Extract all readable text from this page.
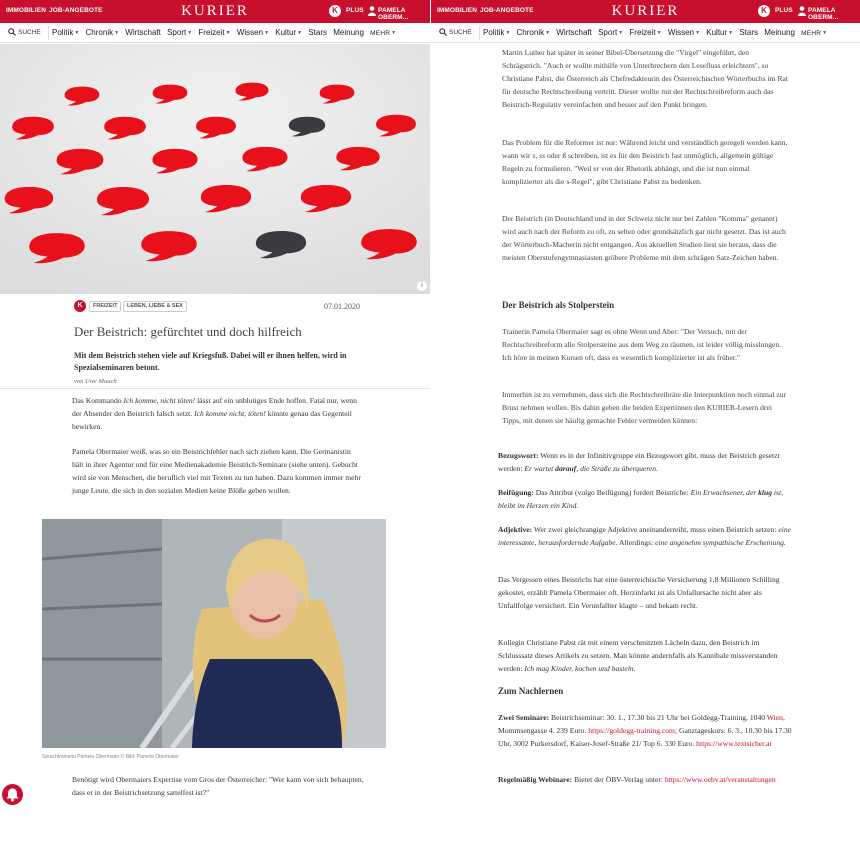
IMMOBILIEN JOB-ANGEBOTE	KURIER	K	PLUS PAMELA OBERM...
SUCHE Politik▼ Chronik▼ Wirtschaft Sport▼ Freizeit▼ Wissen▼ Kultur▼ Stars Meinung MEHR▼
i
K	FREIZEIT	LEBEN, LIEBE & SEX	07.01.2020
Der Beistrich: gefürchtet und doch hilfreich
Mit dem Beistrich stehen viele auf Kriegsfuß. Dabei will er ihnen helfen, wird in Spezialseminaren betont.
von Uwe Mauch
Das Kommando Ich komme, nicht töten! lässt auf ein unblutiges Ende hoffen. Fatal nur, wenn der Absender den Beistrich falsch setzt. Ich komme nicht, töten! könnte genau das Gegenteil bewirken.
Pamela Obermaier weiß, was so ein Beistrichfehler nach sich ziehen kann. Die Germanistin hält in ihrer Agentur und für eine Medienakademie Beistrich-Seminare (siehe unten). Gebucht wird sie von Menschen, die beruflich viel mit Texten zu tun haben. Dazu kommen immer mehr junge Leute, die sich in den sozialen Medien keine Blöße geben wollen.
Sprachtrainerin Pamela Obermaier © Bild: Pamela Obermaier
Benötigt wird Obermaiers Expertise vom Gros der Österreicher: "Wer kann von sich behaupten, dass er in der Beistrichsetzung sattelfest ist?"
IMMOBILIEN JOB-ANGEBOTE	KURIER	K	PLUS PAMELA OBERM...
SUCHE Politik▼ Chronik▼ Wirtschaft Sport▼ Freizeit▼ Wissen▼ Kultur▼ Stars Meinung MEHR▼
Martin Luther hat später in seiner Bibel-Übersetzung die "Virgel" eingeführt, den Schrägstrich. "Auch er wollte mithilfe von Unterbrechern den Lesefluss erleichtern", so Christiane Pabst, die Österreich als Chefredakteurin des Österreichischen Wörterbuchs im Rat für deutsche Rechtschreibung vertritt. Dieser wollte mit der Rechtschreibreform auch das Beistrich-Regulativ vereinfachen und besser auf den Punkt bringen.
Das Problem für die Reformer ist nur: Während leicht und verständlich geregelt werden kann, wann wir s, ss oder ß schreiben, ist es für den Beistrich fast unmöglich, allgemein gültige Regeln zu formulieren. "Weil er von der Rhetorik abhängt, und die ist nun einmal komplizierter als die s-Regel", gibt Christiane Pabst zu bedenken.
Der Beistrich (in Deutschland und in der Schweiz nicht nur bei Zahlen "Komma" genannt) wird auch nach der Reform zu oft, zu selten oder grundsätzlich gar nicht gesetzt. Das ist auch der Wörterbuch-Macherin nicht entgangen. Aus aktuellen Studien liest sie heraus, dass die meisten Oberstufengymnasiasten gröbere Probleme mit dem schrägen Satz-Zeichen haben.
Der Beistrich als Stolperstein
Trainerin Pamela Obermaier sagt es ohne Wenn und Aber: "Der Versuch, mit der Rechtschreibreform alle Stolpersteine aus dem Weg zu räumen, ist leider völlig misslungen. Ich höre in meinen Kursen oft, dass es wesentlich komplizierter ist als früher."
Immerhin ist zu vernehmen, dass sich die Rechtschreibräte die Interpunktion noch einmal zur Brust nehmen wollen. Bis dahin geben die beiden Expertinnen den KURIER-Lesern drei Tipps, mit denen sie häufig gemachte Fehler vermeiden können:
Bezugswort: Wenn es in der Infinitivgruppe ein Bezugswort gibt, muss der Beistrich gesetzt werden: Er wartet darauf, die Straße zu überqueren.
Beifügung: Das Attribut (vulgo Beifügung) fordert Beistriche: Ein Erwachsener, der klug ist, bleibt im Herzen ein Kind.
Adjektive: Wer zwei gleichrangige Adjektive aneinanderreiht, muss einen Beistrich setzen: eine interessante, herausfordernde Aufgabe. Allerdings: eine angenehm sympathische Erscheinung.
Das Vergessen eines Beistrichs hat eine österreichische Versicherung 1,8 Millionen Schilling gekostet, erzählt Pamela Obermaier oft. Herzinfarkt ist als Unfallursache nicht aber als Unfallfolge versichert. Ein Verunfallter klagte – und bekam recht.
Kollegin Christiane Pabst rät mit einem verschmitzten Lächeln dazu, den Beistrich im Schlusssatz dieses Artikels zu setzen. Man könnte andernfalls als Kannibale missverstanden werden: Ich mag Kinder, kochen und basteln.
Zum Nachlernen
Zwei Seminare: Beistrichseminar: 30. 1., 17.30 bis 21 Uhr bei Goldegg-Training, 1040 Wien, Mommsengasse 4. 239 Euro. https://goldegg-training.com; Ganztageskurs: 6. 3., 10.30 bis 17.30 Uhr, 3002 Purkersdorf, Kaiser-Josef-Straße 21/ Top 6. 330 Euro. https://www.textsicher.at
Regelmäßig Webinare: Bietet der ÖBV-Verlag unter: https://www.oebv.at/veranstaltungen
